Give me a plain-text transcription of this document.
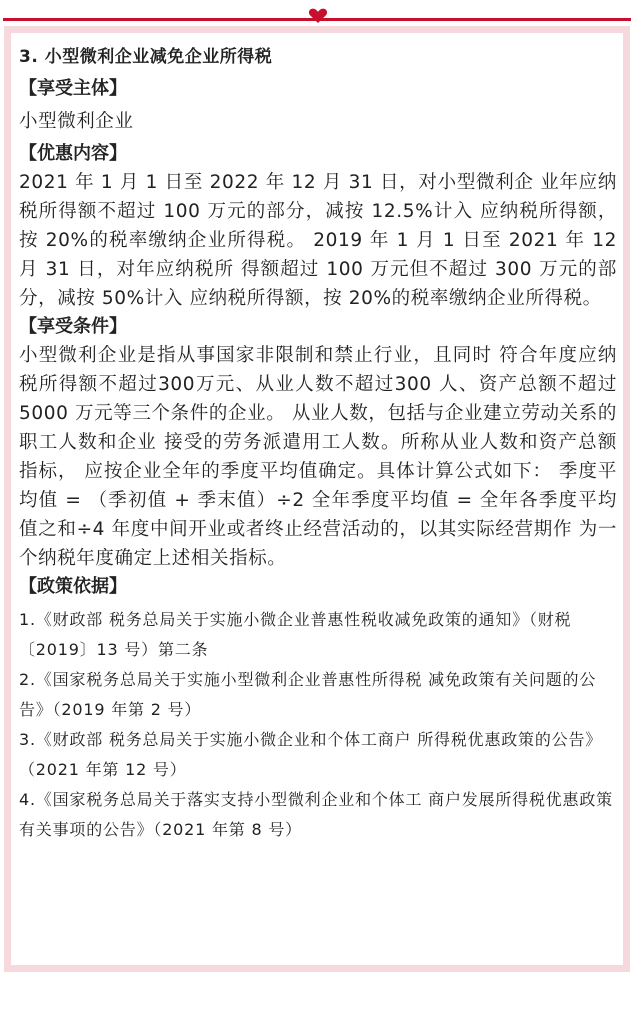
3. 小型微利企业减免企业所得税
【享受主体】
小型微利企业
【优惠内容】
2021 年 1 月 1 日至 2022 年 12 月 31 日，对小型微利企 业年应纳税所得额不超过 100 万元的部分，减按 12.5%计入 应纳税所得额，按 20%的税率缴纳企业所得税。 2019 年 1 月 1 日至 2021 年 12 月 31 日，对年应纳税所 得额超过 100 万元但不超过 300 万元的部分，减按 50%计入 应纳税所得额，按 20%的税率缴纳企业所得税。
【享受条件】
小型微利企业是指从事国家非限制和禁止行业，且同时 符合年度应纳税所得额不超过300万元、从业人数不超过300 人、资产总额不超过 5000 万元等三个条件的企业。 从业人数，包括与企业建立劳动关系的职工人数和企业 接受的劳务派遣用工人数。所称从业人数和资产总额指标， 应按企业全年的季度平均值确定。具体计算公式如下： 季度平均值 = （季初值 + 季末值）÷2 全年季度平均值 = 全年各季度平均值之和÷4 年度中间开业或者终止经营活动的，以其实际经营期作 为一个纳税年度确定上述相关指标。
【政策依据】
1.《财政部 税务总局关于实施小微企业普惠性税收减免政策的通知》（财税〔2019〕13 号）第二条
2.《国家税务总局关于实施小型微利企业普惠性所得税 减免政策有关问题的公告》（2019 年第 2 号）
3.《财政部 税务总局关于实施小微企业和个体工商户 所得税优惠政策的公告》（2021 年第 12 号）
4.《国家税务总局关于落实支持小型微利企业和个体工 商户发展所得税优惠政策有关事项的公告》（2021 年第 8 号）
